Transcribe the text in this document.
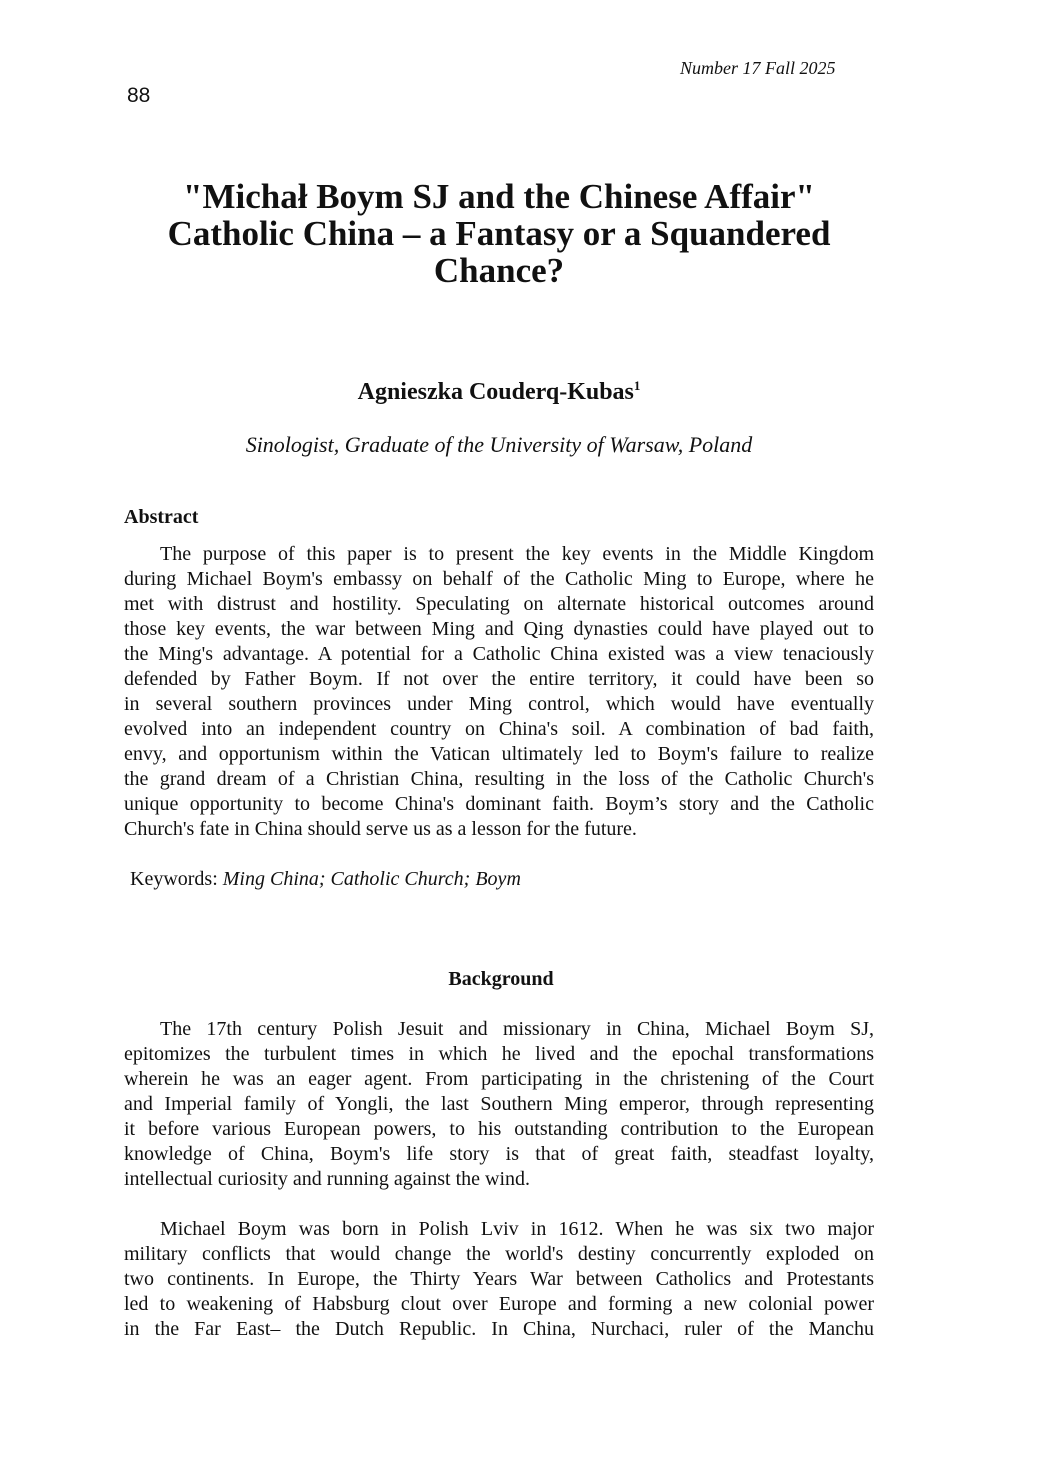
Number 17 Fall 2025
88
"Michał Boym SJ and the Chinese Affair"
Catholic China – a Fantasy or a Squandered
Chance?
Agnieszka Couderq-Kubas$^1$
Sinologist, Graduate of the University of Warsaw, Poland
Abstract
The purpose of this paper is to present the key events in the Middle Kingdom
during Michael Boym's embassy on behalf of the Catholic Ming to Europe, where he
met with distrust and hostility. Speculating on alternate historical outcomes around
those key events, the war between Ming and Qing dynasties could have played out to
the Ming's advantage. A potential for a Catholic China existed was a view tenaciously
defended by Father Boym. If not over the entire territory, it could have been so
in several southern provinces under Ming control, which would have eventually
evolved into an independent country on China's soil. A combination of bad faith,
envy, and opportunism within the Vatican ultimately led to Boym's failure to realize
the grand dream of a Christian China, resulting in the loss of the Catholic Church's
unique opportunity to become China's dominant faith. Boym’s story and the Catholic
Church's fate in China should serve us as a lesson for the future.
Keywords: Ming China; Catholic Church; Boym
Background
The 17th century Polish Jesuit and missionary in China, Michael Boym SJ,
epitomizes the turbulent times in which he lived and the epochal transformations
wherein he was an eager agent. From participating in the christening of the Court
and Imperial family of Yongli, the last Southern Ming emperor, through representing
it before various European powers, to his outstanding contribution to the European
knowledge of China, Boym's life story is that of great faith, steadfast loyalty,
intellectual curiosity and running against the wind.
Michael Boym was born in Polish Lviv in 1612. When he was six two major
military conflicts that would change the world's destiny concurrently exploded on
two continents. In Europe, the Thirty Years War between Catholics and Protestants
led to weakening of Habsburg clout over Europe and forming a new colonial power
in the Far East– the Dutch Republic. In China, Nurchaci, ruler of the Manchu
